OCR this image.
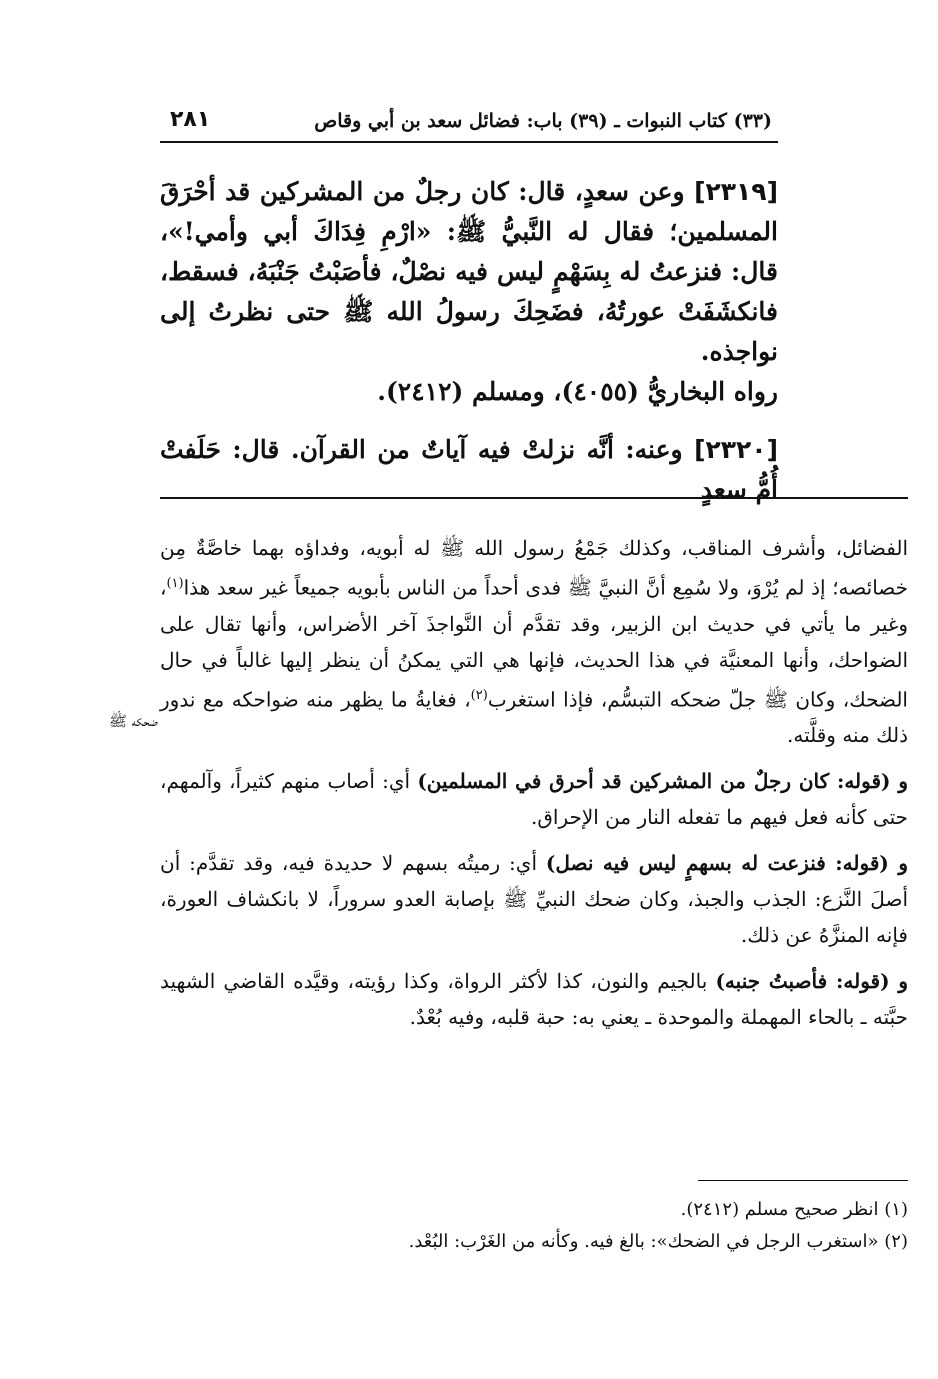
٢٨١	(٣٣) كتاب النبوات ـ (٣٩) باب: فضائل سعد بن أبي وقاص

[٢٣١٩] وعن سعدٍ، قال: كان رجلٌ من المشركين قد أحْرَقَ المسلمين؛ فقال له النَّبيُّ ﷺ: «ارْمِ فِدَاكَ أبي وأمي!»، قال: فنزعتُ له بِسَهْمٍ ليس فيه نصْلٌ، فأصَبْتُ جَنْبَهُ، فسقط، فانكشَفَتْ عورتُهُ، فضَحِكَ رسولُ الله ﷺ حتى نظرتُ إلى نواجذه.

رواه البخاريُّ (٤٠٥٥)، ومسلم (٢٤١٢).

[٢٣٢٠] وعنه: أنَّه نزلتْ فيه آياتٌ من القرآن. قال: حَلَفتْ أُمُّ سعدٍ

الفضائل، وأشرف المناقب، وكذلك جَمْعُ رسول الله ﷺ له أبويه، وفداؤه بهما خاصَّةٌ مِن خصائصه؛ إذ لم يُرْوَ، ولا سُمِع أنَّ النبيَّ ﷺ فدى أحداً من الناس بأبويه جميعاً غير سعد هذا$^{(١)}$، وغير ما يأتي في حديث ابن الزبير، وقد تقدَّم أن النَّواجذَ آخر الأضراس، وأنها تقال على الضواحك، وأنها المعنيَّة في هذا الحديث، فإنها هي التي يمكنُ أن ينظر إليها غالباً في حال الضحك، وكان ﷺ جلّ ضحكه التبسُّم، فإذا استغرب$^{(٢)}$، فغايةُ ما يظهر منه ضواحكه مع ندور ذلك منه وقلَّته.

و (قوله: كان رجلٌ من المشركين قد أحرق في المسلمين) أي: أصاب منهم كثيراً، وآلمهم، حتى كأنه فعل فيهم ما تفعله النار من الإحراق.

و (قوله: فنزعت له بسهمٍ ليس فيه نصل) أي: رميتُه بسهم لا حديدة فيه، وقد تقدَّم: أن أصلَ النَّزع: الجذب والجبذ، وكان ضحك النبيِّ ﷺ بإصابة العدو سروراً، لا بانكشاف العورة، فإنه المنزَّهُ عن ذلك.

و (قوله: فأصبتُ جنبه) بالجيم والنون، كذا لأكثر الرواة، وكذا رؤيته، وقيَّده القاضي الشهيد حبَّته ـ بالحاء المهملة والموحدة ـ يعني به: حبة قلبه، وفيه بُعْدٌ.

ضحكه ﷺ

(١) انظر صحيح مسلم (٢٤١٢).

(٢) «استغرب الرجل في الضحك»: بالغ فيه. وكأنه من الغَرْب: البُعْد.
